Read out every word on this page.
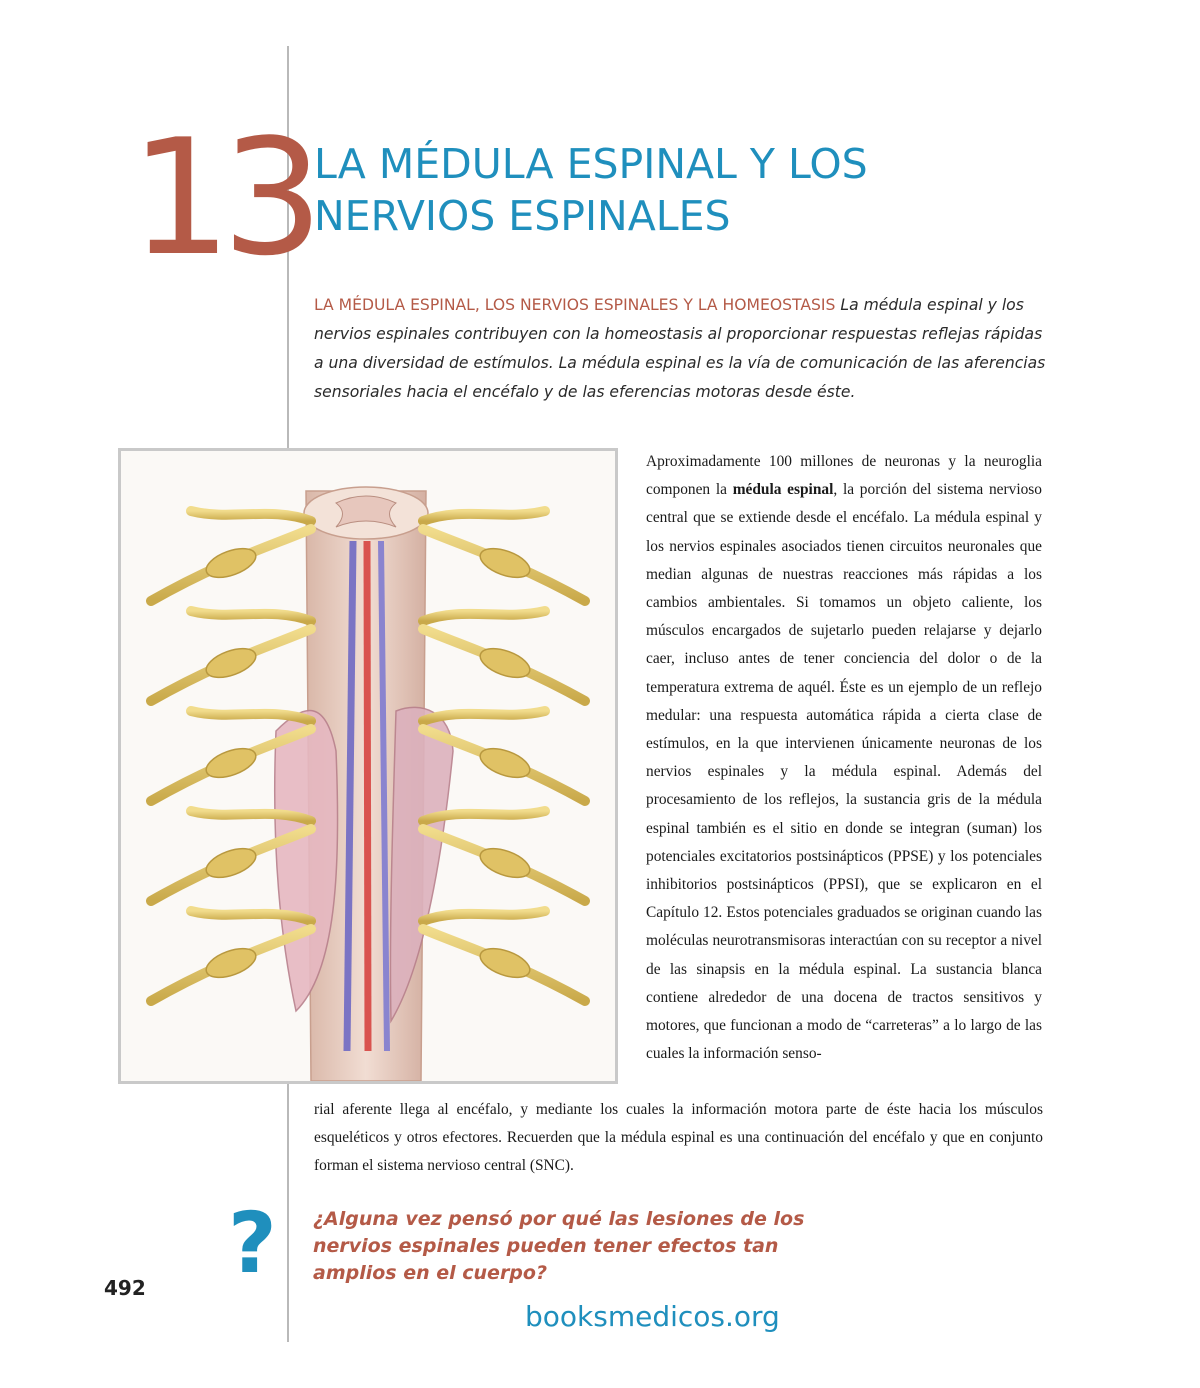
13 LA MÉDULA ESPINAL Y LOS NERVIOS ESPINALES
LA MÉDULA ESPINAL, LOS NERVIOS ESPINALES Y LA HOMEOSTASIS La médula espinal y los nervios espinales contribuyen con la homeostasis al proporcionar respuestas reflejas rápidas a una diversidad de estímulos. La médula espinal es la vía de comunicación de las aferencias sensoriales hacia el encéfalo y de las eferencias motoras desde éste.
Aproximadamente 100 millones de neuronas y la neuroglia componen la médula espinal, la porción del sistema nervioso central que se extiende desde el encéfalo. La médula espinal y los nervios espinales asociados tienen circuitos neuronales que median algunas de nuestras reacciones más rápidas a los cambios ambientales. Si tomamos un objeto caliente, los músculos encargados de sujetarlo pueden relajarse y dejarlo caer, incluso antes de tener conciencia del dolor o de la temperatura extrema de aquél. Éste es un ejemplo de un reflejo medular: una respuesta automática rápida a cierta clase de estímulos, en la que intervienen únicamente neuronas de los nervios espinales y la médula espinal. Además del procesamiento de los reflejos, la sustancia gris de la médula espinal también es el sitio en donde se integran (suman) los potenciales excitatorios postsinápticos (PPSE) y los potenciales inhibitorios postsinápticos (PPSI), que se explicaron en el Capítulo 12. Estos potenciales graduados se originan cuando las moléculas neurotransmisoras interactúan con su receptor a nivel de las sinapsis en la médula espinal. La sustancia blanca contiene alrededor de una docena de tractos sensitivos y motores, que funcionan a modo de “carreteras” a lo largo de las cuales la información senso-
rial aferente llega al encéfalo, y mediante los cuales la información motora parte de éste hacia los músculos esqueléticos y otros efectores. Recuerden que la médula espinal es una continuación del encéfalo y que en conjunto forman el sistema nervioso central (SNC).
? ¿Alguna vez pensó por qué las lesiones de los nervios espinales pueden tener efectos tan amplios en el cuerpo?
492
booksmedicos.org
